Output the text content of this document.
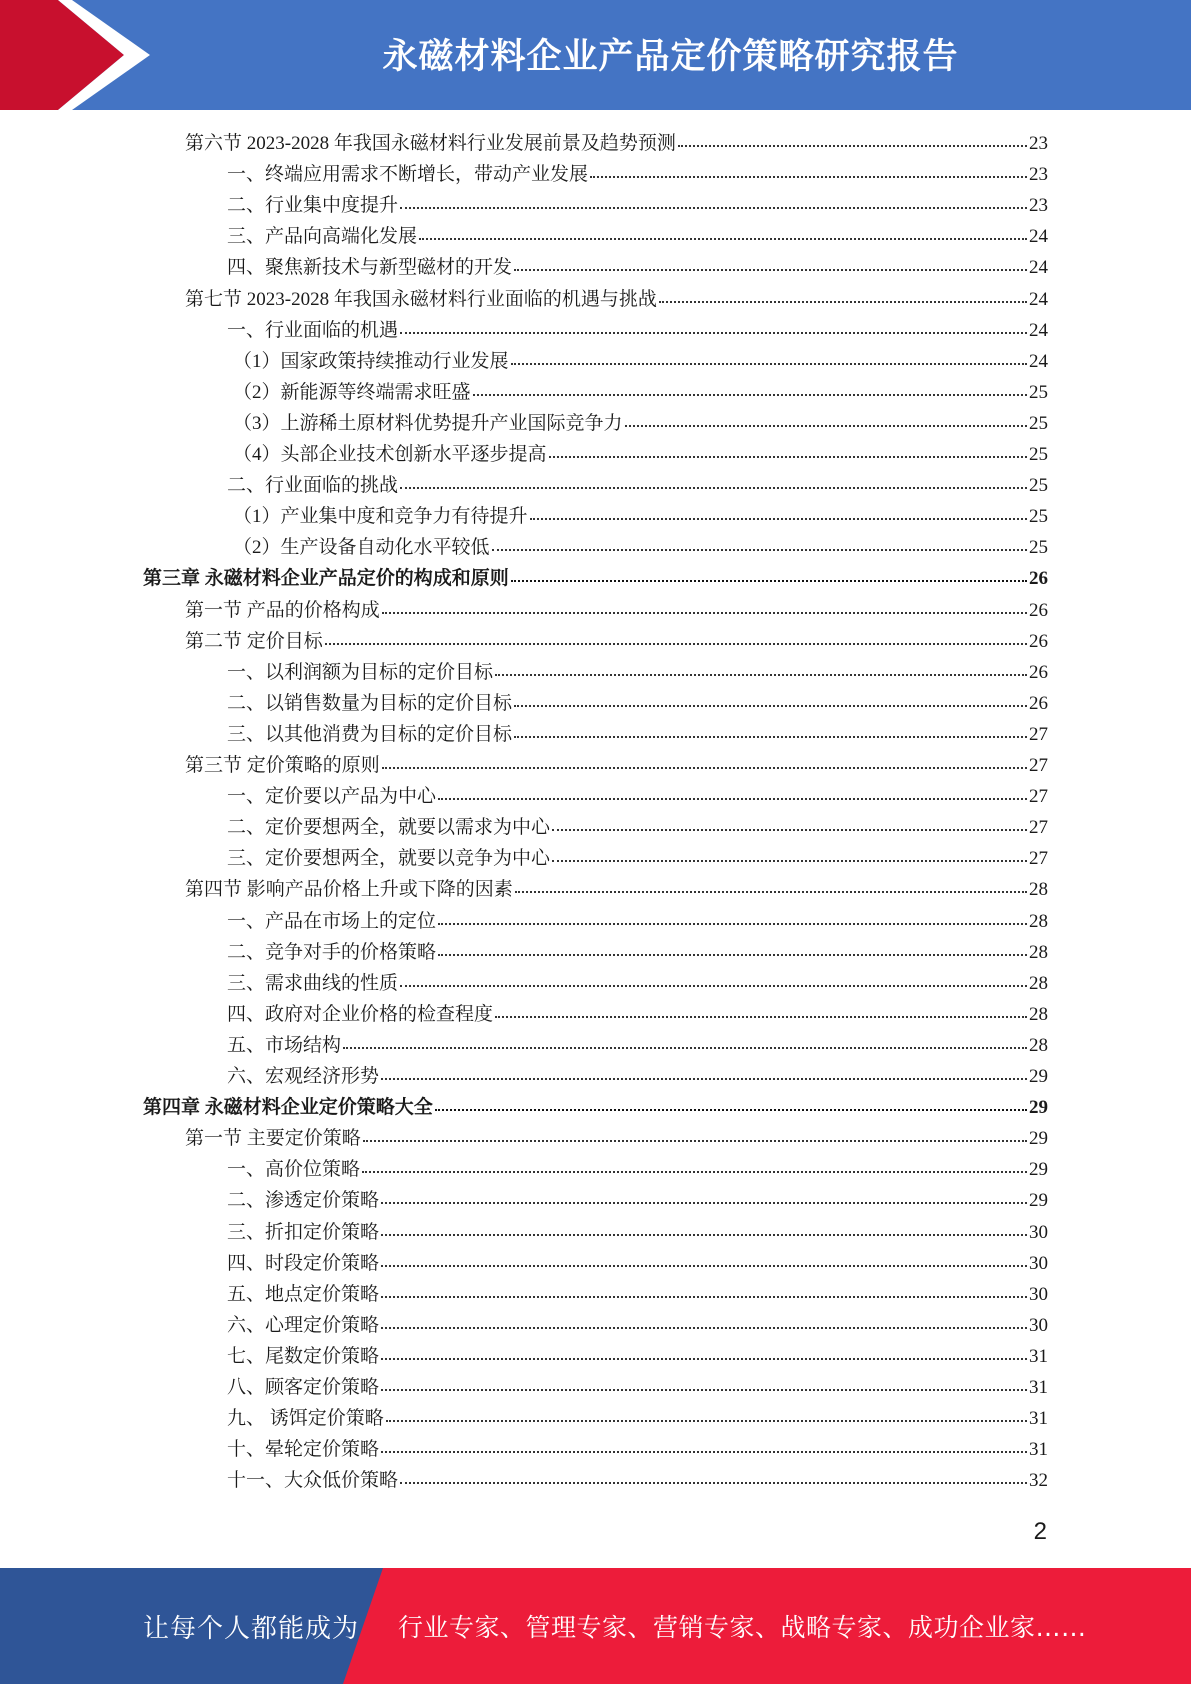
永磁材料企业产品定价策略研究报告
第六节 2023-2028 年我国永磁材料行业发展前景及趋势预测	23
一、终端应用需求不断增长，带动产业发展	23
二、行业集中度提升	23
三、产品向高端化发展	24
四、聚焦新技术与新型磁材的开发	24
第七节 2023-2028 年我国永磁材料行业面临的机遇与挑战	24
一、行业面临的机遇	24
（1）国家政策持续推动行业发展	24
（2）新能源等终端需求旺盛	25
（3）上游稀土原材料优势提升产业国际竞争力	25
（4）头部企业技术创新水平逐步提高	25
二、行业面临的挑战	25
（1）产业集中度和竞争力有待提升	25
（2）生产设备自动化水平较低	25
第三章 永磁材料企业产品定价的构成和原则	26
第一节 产品的价格构成	26
第二节 定价目标	26
一、以利润额为目标的定价目标	26
二、以销售数量为目标的定价目标	26
三、以其他消费为目标的定价目标	27
第三节 定价策略的原则	27
一、定价要以产品为中心	27
二、定价要想两全，就要以需求为中心	27
三、定价要想两全，就要以竞争为中心	27
第四节 影响产品价格上升或下降的因素	28
一、产品在市场上的定位	28
二、竞争对手的价格策略	28
三、需求曲线的性质	28
四、政府对企业价格的检查程度	28
五、市场结构	28
六、宏观经济形势	29
第四章 永磁材料企业定价策略大全	29
第一节 主要定价策略	29
一、高价位策略	29
二、渗透定价策略	29
三、折扣定价策略	30
四、时段定价策略	30
五、地点定价策略	30
六、心理定价策略	30
七、尾数定价策略	31
八、顾客定价策略	31
九、 诱饵定价策略	31
十、晕轮定价策略	31
十一、大众低价策略	32
2
让每个人都能成为 行业专家、管理专家、营销专家、战略专家、成功企业家……
